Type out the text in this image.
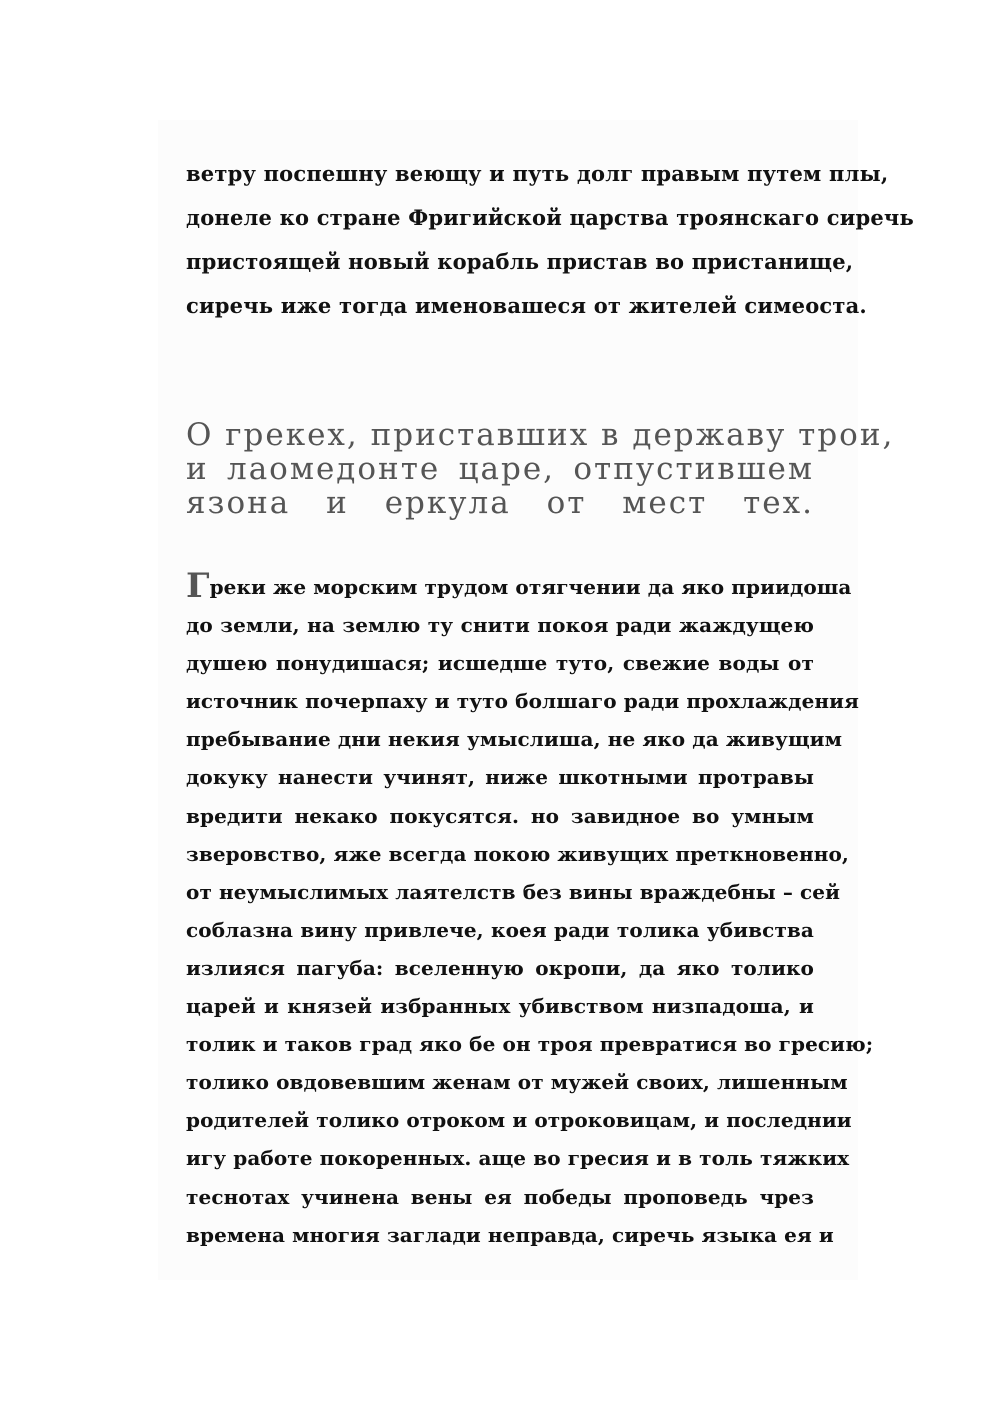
ветру поспешну веющу и путь долг правым путем плы,
донеле ко стране Фригийской царства троянскаго сиречь
пристоящей новый корабль пристав во пристанище,
сиречь иже тогда именовашеся от жителей симеоста.
О грекех, приставших в державу трои,
и лаомедонте царе, отпустившем
язона и еркула от мест тех.
Греки же морским трудом отягчении да яко приидоша
до земли, на землю ту снити покоя ради жаждущею
душею понудишася; исшедше туто, свежие воды от
источник почерпаху и туто болшаго ради прохлаждения
пребывание дни некия умыслиша, не яко да живущим
докуку нанести учинят, ниже шкотными протравы
вредити некако покусятся. но завидное во умным
зверовство, яже всегда покою живущих преткновенно,
от неумыслимых лаятелств без вины враждебны – сей
соблазна вину привлече, коея ради толика убивства
излияся пагуба: вселенную окропи, да яко толико
царей и князей избранных убивством низпадоша, и
толик и таков град яко бе он троя превратися во гресию;
толико овдовевшим женам от мужей своих, лишенным
родителей толико отроком и отроковицам, и последнии
игу работе покоренных. аще во гресия и в толь тяжких
теснотах учинена вены ея победы проповедь чрез
времена многия заглади неправда, сиречь языка ея и
